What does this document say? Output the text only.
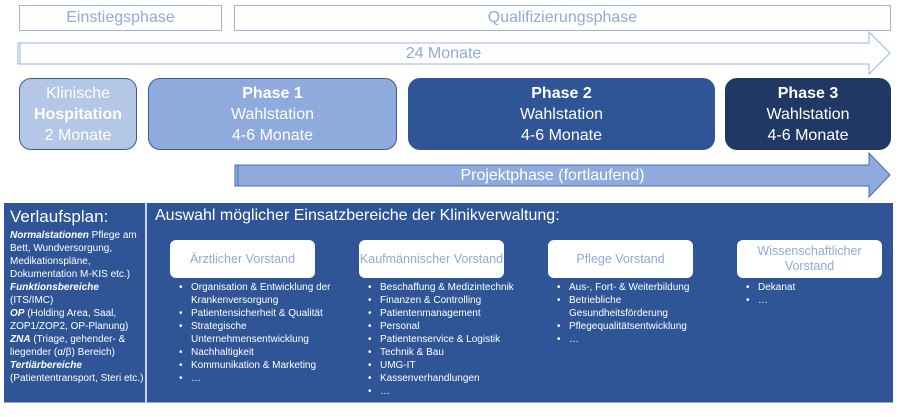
Einstiegsphase	Qualifizierungsphase
24 Monate
Projektphase (fortlaufend)
Klinische
Hospitation
2 Monate
Phase 1
Wahlstation
4-6 Monate
Phase 2
Wahlstation
4-6 Monate
Phase 3
Wahlstation
4-6 Monate
Verlaufsplan:
Normalstationen Pflege am Bett, Wundversorgung, Medikationspläne, Dokumentation M-KIS etc.)
Funktionsbereiche (ITS/IMC)
OP (Holding Area, Saal, ZOP1/ZOP2, OP-Planung)
ZNA (Triage, gehender- & liegender (α/β) Bereich)
Tertiärbereiche (Patiententransport, Steri etc.)
Auswahl möglicher Einsatzbereiche der Klinikverwaltung:
Ärztlicher Vorstand	Kaufmännischer Vorstand	Pflege Vorstand
Wissenschaftlicher Vorstand
• Organisation & Entwicklung der Krankenversorgung
• Patientensicherheit & Qualität
• Strategische Unternehmensentwicklung
• Nachhaltigkeit
• Kommunikation & Marketing
• …
• Beschaffung & Medizintechnik
• Finanzen & Controlling
• Patientenmanagement
• Personal
• Patientenservice & Logistik
• Technik & Bau
• UMG-IT
• Kassenverhandlungen
• …
• Aus-, Fort- & Weiterbildung
• Betriebliche Gesundheitsförderung
• Pflegequalitätsentwicklung
• …
• Dekanat
• …
